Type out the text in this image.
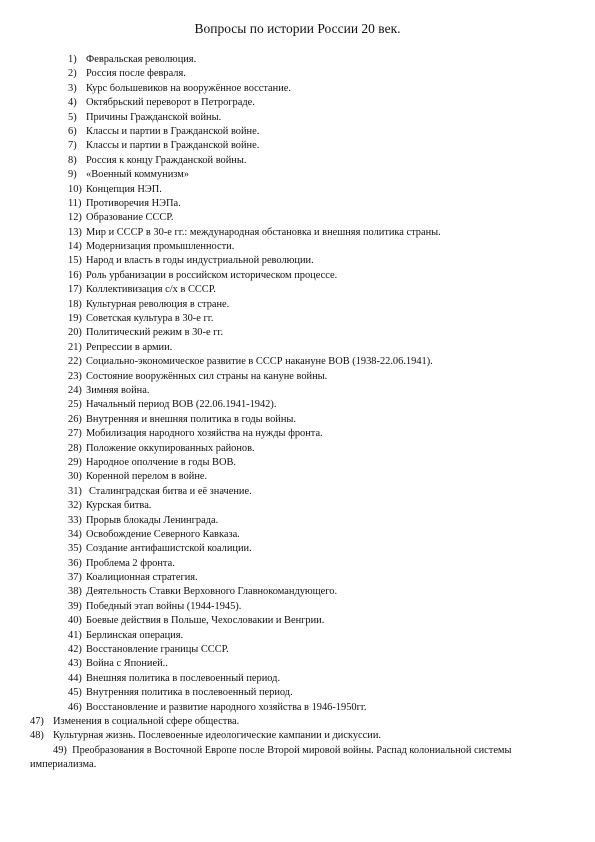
Вопросы по истории России 20 век.
1) Февральская революция.
2) Россия после февраля.
3) Курс большевиков на вооружённое восстание.
4) Октябрьский переворот в Петрограде.
5) Причины Гражданской войны.
6) Классы и партии в Гражданской войне.
7) Классы и партии в Гражданской войне.
8) Россия к концу Гражданской войны.
9) «Военный коммунизм»
10) Концепция НЭП.
11) Противоречия НЭПа.
12) Образование СССР.
13) Мир и СССР в 30-е гг.: международная обстановка и внешняя политика страны.
14) Модернизация промышленности.
15) Народ и власть в годы индустриальной революции.
16) Роль урбанизации в российском историческом процессе.
17) Коллективизация с/х в СССР.
18) Культурная революция в стране.
19) Советская культура в 30-е гг.
20) Политический режим в 30-е гг.
21) Репрессии в армии.
22) Социально-экономическое развитие в СССР накануне ВОВ (1938-22.06.1941).
23) Состояние вооружённых сил страны на кануне войны.
24) Зимняя война.
25) Начальный период ВОВ (22.06.1941-1942).
26) Внутренняя и внешняя политика в годы войны.
27) Мобилизация народного хозяйства на нужды фронта.
28) Положение оккупированных районов.
29) Народное ополчение в годы ВОВ.
30) Коренной перелом в войне.
31) Сталинградская битва и её значение.
32) Курская битва.
33) Прорыв блокады Ленинграда.
34) Освобождение Северного Кавказа.
35) Создание антифашистской коалиции.
36) Проблема 2 фронта.
37) Коалиционная стратегия.
38) Деятельность Ставки Верховного Главнокомандующего.
39) Победный этап войны (1944-1945).
40) Боевые действия в Польше, Чехословакии и Венгрии.
41) Берлинская операция.
42) Восстановление границы СССР.
43) Война с Японией..
44) Внешняя политика в послевоенный период.
45) Внутренняя политика в послевоенный период.
46) Восстановление и развитие народного хозяйства в 1946-1950гг.
47) Изменения в социальной сфере общества.
48) Культурная жизнь. Послевоенные идеологические кампании и дискуссии.
49) Преобразования в Восточной Европе после Второй мировой войны. Распад колониальной системы империализма.
